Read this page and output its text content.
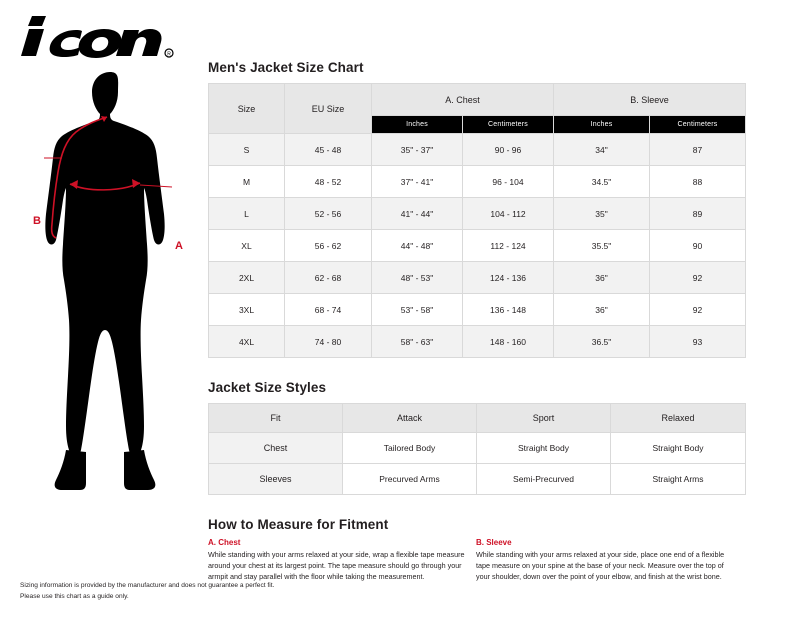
R
A
B
Men's Jacket Size Chart
Size	EU Size	A. Chest		B. Sleeve	
		Inches	Centimeters	Inches	Centimeters
S	45 - 48	35" - 37"	90 - 96	34"	87
M	48 - 52	37" - 41"	96 - 104	34.5"	88
L	52 - 56	41" - 44"	104 - 112	35"	89
XL	56 - 62	44" - 48"	112 - 124	35.5"	90
2XL	62 - 68	48" - 53"	124 - 136	36"	92
3XL	68 - 74	53" - 58"	136 - 148	36"	92
4XL	74 - 80	58" - 63"	148 - 160	36.5"	93
Jacket Size Styles
Fit	Attack	Sport	Relaxed
Chest	Tailored Body	Straight Body	Straight Body
Sleeves	Precurved Arms	Semi-Precurved	Straight Arms
How to Measure for Fitment
A. Chest
While standing with your arms relaxed at your side, wrap a flexible tape measure around your chest at its largest point. The tape measure should go through your armpit and stay parallel with the floor while taking the measurement.
B. Sleeve
While standing with your arms relaxed at your side, place one end of a flexible tape measure on your spine at the base of your neck. Measure over the top of your shoulder, down over the point of your elbow, and finish at the wrist bone.
Sizing information is provided by the manufacturer and does not guarantee a perfect fit.
Please use this chart as a guide only.
